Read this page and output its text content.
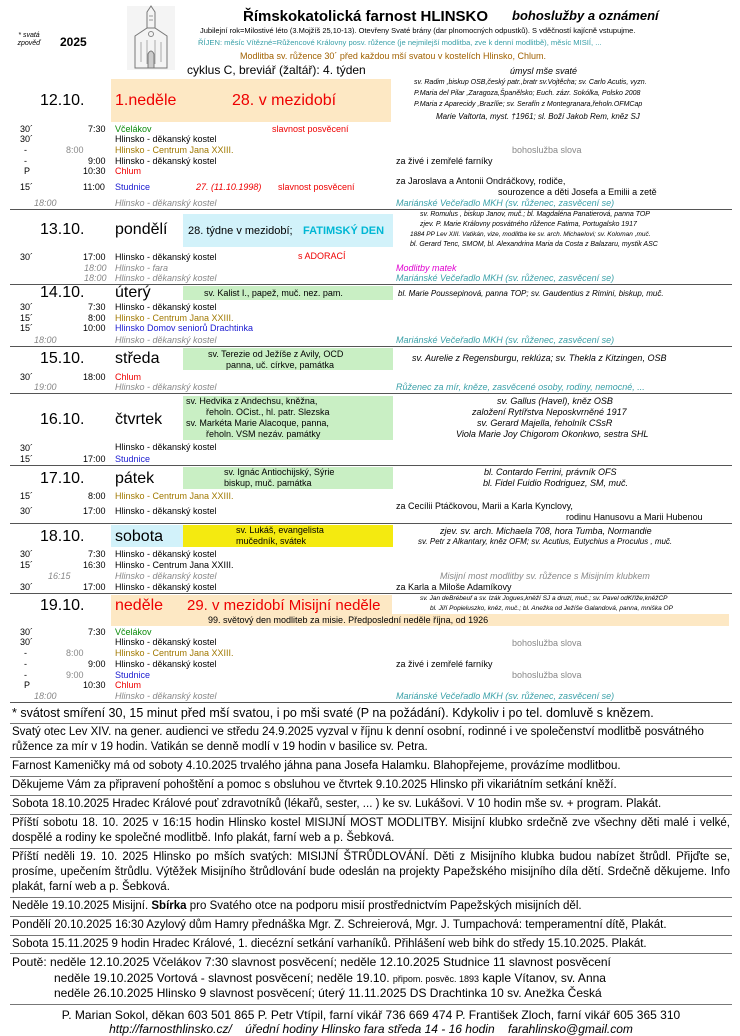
Římskokatolická farnost HLINSKO bohoslužby a oznámení
* svatá zpověď	2025
Jubilejní rok=Milostivé léto (3.Mojžíš 25,10-13). Otevřeny Svaté brány (dar plnomocných odpustků). S vděčností kajícně vstupujme.
ŘÍJEN: měsíc Vítězné=Růžencové Královny posv. růžence (je nejmilejší modlitba, zve k denní modlitbě), měsíc MISIÍ, ...
Modlitba sv. růžence 30´ před každou mší svatou v kostelích Hlinsko, Chlum.
cyklus C, breviář (žaltář): 4. týden	úmysl mše svaté
12.10. 1.neděle	28. v mezidobí
sv. Radim ,biskup OSB,český patr.,bratr sv.Vojtěcha; sv. Carlo Acutis, vyzn.
P.Maria del Pilar ,Zaragoza,Španělsko; Euch. zázr. Sokólka, Polsko 2008
P.Maria z Aparecidy ,Brazílie; sv. Serafín z Montegranara,řeholn.OFMCap
Marie Valtorta, myst. †1961; sl. Boží Jakob Rem, kněz SJ
30´	7:30 Včelákov	slavnost posvěcení
30´	Hlinsko - děkanský kostel
-	8:00	Hlinsko - Centrum Jana XXIII.	bohoslužba slova
-	9:00 Hlinsko - děkanský kostel	za živé i zemřelé farníky
P	10:30 Chlum
15´	11:00 Studnice	27. (11.10.1998) slavnost posvěcení
za Jaroslava a Antonii Ondráčkovy, rodiče,
sourozence a děti Josefa a Emilii a zetě
18:00	Hlinsko - děkanský kostel	Mariánské Večeřadlo MKH (sv. růženec, zasvěcení se)
13.10. pondělí 28. týdne v mezidobí; FATIMSKÝ DEN
sv. Romulus , biskup Janov, muč.; bl. Magdaléna Panatierová, panna TOP
zjev. P. Marie Královny posvátného růžence Fatima, Portugalsko 1917
1884 PP Lev XIII. Vatikán, vize, modlitba ke sv. arch. Michaelovi; sv. Koloman ,muč.
bl. Gerard Tenc, SMOM, bl. Alexandrina Maria da Costa z Balazaru, mystik ASC
30´	17:00 Hlinsko - děkanský kostel	s ADORACÍ
18:00 Hlinsko - fara	Modlitby matek
18:00 Hlinsko - děkanský kostel	Mariánské Večeřadlo MKH (sv. růženec, zasvěcení se)
14.10. úterý	sv. Kalist I., papež, muč. nez. pam.	bl. Marie Poussepinová, panna TOP; sv. Gaudentius z Rimini, biskup, muč.
30´	7:30 Hlinsko - děkanský kostel
15´	8:00 Hlinsko - Centrum Jana XXIII.
15´	10:00 Hlinsko Domov seniorů Drachtinka
18:00	Hlinsko - děkanský kostel	Mariánské Večeřadlo MKH (sv. růženec, zasvěcení se)
15.10. středa	sv. Terezie od Ježíše z Avily, OCD
panna, uč. církve, památka
sv. Aurelie z Regensburgu, reklúza; sv. Thekla z Kitzingen, OSB
30´	18:00 Chlum
19:00	Hlinsko - děkanský kostel	Růženec za mír, kněze, zasvěcené osoby, rodiny, nemocné, ...
16.10. čtvrtek
sv. Hedvika z Andechsu, kněžna,
řeholn. OCist., hl. patr. Slezska
sv. Markéta Marie Alacoque, panna,
řeholn. VSM nezáv. památky
sv. Gallus (Havel), kněz OSB
založení Rytířstva Neposkvrněné 1917
sv. Gerard Majella, řeholník CSsR
Viola Marie Joy Chigorom Okonkwo, sestra SHL
30´	Hlinsko - děkanský kostel
15´	17:00 Studnice
17.10. pátek	sv. Ignác Antiochijský, Sýrie
biskup, muč. památka
bl. Contardo Ferrini, právník OFS
bl. Fidel Fuidio Rodriguez, SM, muč.
15´	8:00 Hlinsko - Centrum Jana XXIII.
30´	17:00 Hlinsko - děkanský kostel	za Cecílii Ptáčkovou, Marii a Karla Kynclovy,
rodinu Hanusovu a Marii Hubenou
18.10. sobota	sv. Lukáš, evangelista
mučedník, svátek
zjev. sv. arch. Michaela 708, hora Tumba, Normandie
sv. Petr z Alkantary, kněz OFM; sv. Acutius, Eutychius a Proculus , muč.
30´	7:30 Hlinsko - děkanský kostel
15´	16:30 Hlinsko - Centrum Jana XXIII.
16:15	Hlinsko - děkanský kostel	Misijní most modlitby sv. růžence s Misijním klubkem
30´	17:00 Hlinsko - děkanský kostel	za Karla a Miloše Adamíkovy
19.10. neděle 29. v mezidobí Misijní neděle	sv. Jan deBrébeuf a sv. Izák Jogues,kněží SJ a druzi, muč.; sv. Pavel odKříže,kněžCP
bl. Jiří Popieluszko, kněz, muč.; bl. Anežka od Ježíše Galandová, panna, mniška OP
99. světový den modliteb za misie. Předposlední neděle října, od 1926
30´	7:30 Včelákov
30´	Hlinsko - děkanský kostel	bohoslužba slova
-	8:00	Hlinsko - Centrum Jana XXIII.
-	9:00 Hlinsko - děkanský kostel	za živé i zemřelé farníky
-	9:00	Studnice	bohoslužba slova
P	10:30 Chlum
18:00	Hlinsko - děkanský kostel	Mariánské Večeřadlo MKH (sv. růženec, zasvěcení se)
* svátost smíření 30, 15 minut před mší svatou, i po mši svaté (P na požádání). Kdykoliv i po tel. domluvě s knězem.
Svatý otec Lev XIV. na gener. audienci ve středu 24.9.2025 vyzval v říjnu k denní osobní, rodinné i ve společenství modlitbě posvátného růžence za mír v 19 hodin. Vatikán se denně modlí v 19 hodin v basilice sv. Petra.
Farnost Kameničky má od soboty 4.10.2025 trvalého jáhna pana Josefa Halamku. Blahopřejeme, provázíme modlitbou.
Děkujeme Vám za připravení pohoštění a pomoc s obsluhou ve čtvrtek 9.10.2025 Hlinsko při vikariátním setkání kněží.
Sobota 18.10.2025 Hradec Králové pouť zdravotníků (lékařů, sester, ... ) ke sv. Lukášovi. V 10 hodin mše sv. + program. Plakát.
Příští sobotu 18. 10. 2025 v 16:15 hodin Hlinsko kostel MISIJNÍ MOST MODLITBY. Misijní klubko srdečně zve všechny děti malé i velké, dospělé a rodiny ke společné modlitbě. Info plakát, farní web a p. Šebková.
Příští neděli 19. 10. 2025 Hlinsko po mších svatých: MISIJNÍ ŠTRŮDLOVÁNÍ. Děti z Misijního klubka budou nabízet štrůdl. Přijďte se, prosíme, upečením štrůdlu. Výtěžek Misijního štrůdlování bude odeslán na projekty Papežského misijního díla dětí. Srdečně děkujeme. Info plakát, farní web a p. Šebková.
Neděle 19.10.2025 Misijní. Sbírka pro Svatého otce na podporu misií prostřednictvím Papežských misijních děl.
Pondělí 20.10.2025 16:30 Azylový dům Hamry přednáška Mgr. Z. Schreierová, Mgr. J. Tumpachová: temperamentní dítě, Plakát.
Sobota 15.11.2025 9 hodin Hradec Králové, 1. diecézní setkání varhaníků. Přihlášení web bihk do středy 15.10.2025. Plakát.
Poutě: neděle 12.10.2025 Včelákov 7:30 slavnost posvěcení; neděle 12.10.2025 Studnice 11 slavnost posvěcení
neděle 19.10.2025 Vortová - slavnost posvěcení; neděle 19.10. připom. posvěc. 1893 kaple Vítanov, sv. Anna
neděle 26.10.2025 Hlinsko 9 slavnost posvěcení; úterý 11.11.2025 DS Drachtinka 10 sv. Anežka Česká
P. Marian Sokol, děkan 603 501 865 P. Petr Vtípil, farní vikář 736 669 474 P. František Zloch, farní vikář 605 365 310
http://farnosthlinsko.cz/ úřední hodiny Hlinsko fara středa 14 - 16 hodin farahlinsko@gmail.com
